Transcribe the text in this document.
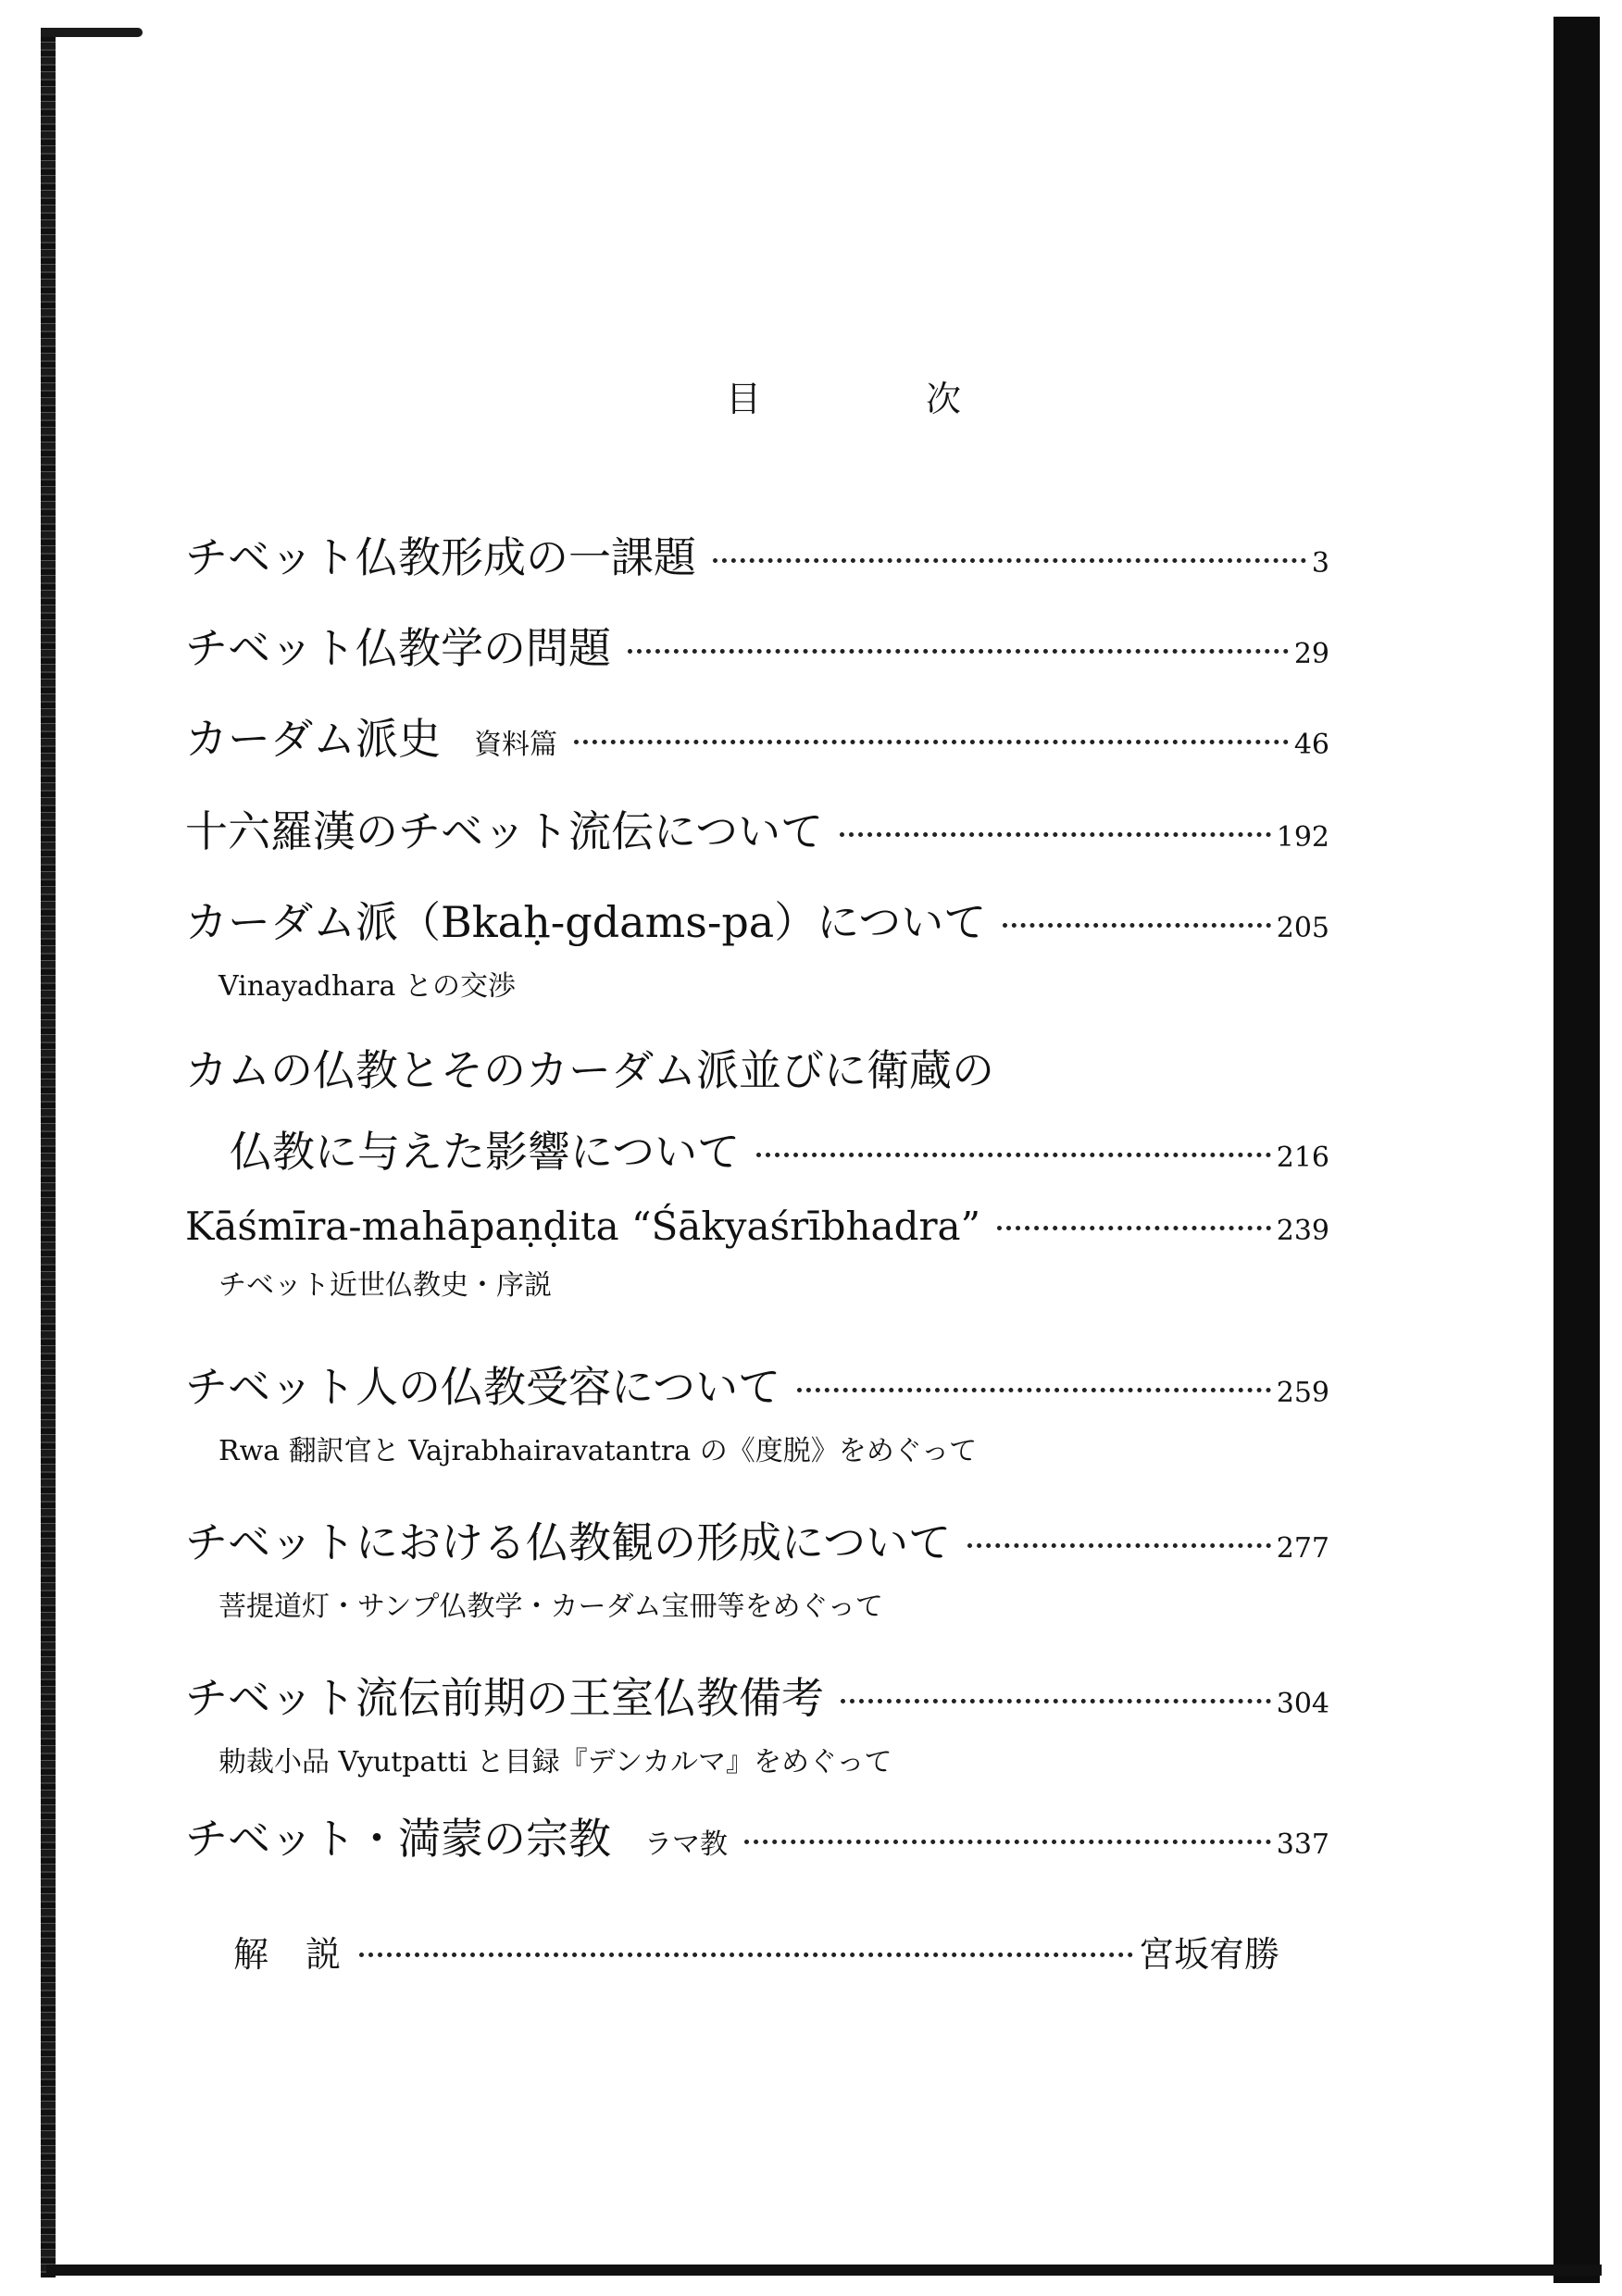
目　次
チベット仏教形成の一課題	3
チベット仏教学の問題	29
カーダム派史 資料篇	46
十六羅漢のチベット流伝について	192
カーダム派（Bkaḥ-gdams-pa）について	205
Vinayadhara との交渉
カムの仏教とそのカーダム派並びに衛蔵の
仏教に与えた影響について	216
Kāśmīra-mahāpaṇḍita “Śākyaśrībhadra”	239
チベット近世仏教史・序説
チベット人の仏教受容について	259
Rwa 翻訳官と Vajrabhairavatantra の《度脱》をめぐって
チベットにおける仏教観の形成について	277
菩提道灯・サンプ仏教学・カーダム宝冊等をめぐって
チベット流伝前期の王室仏教備考	304
勅裁小品 Vyutpatti と目録『デンカルマ』をめぐって
チベット・満蒙の宗教 ラマ教	337
解説	宮坂宥勝
